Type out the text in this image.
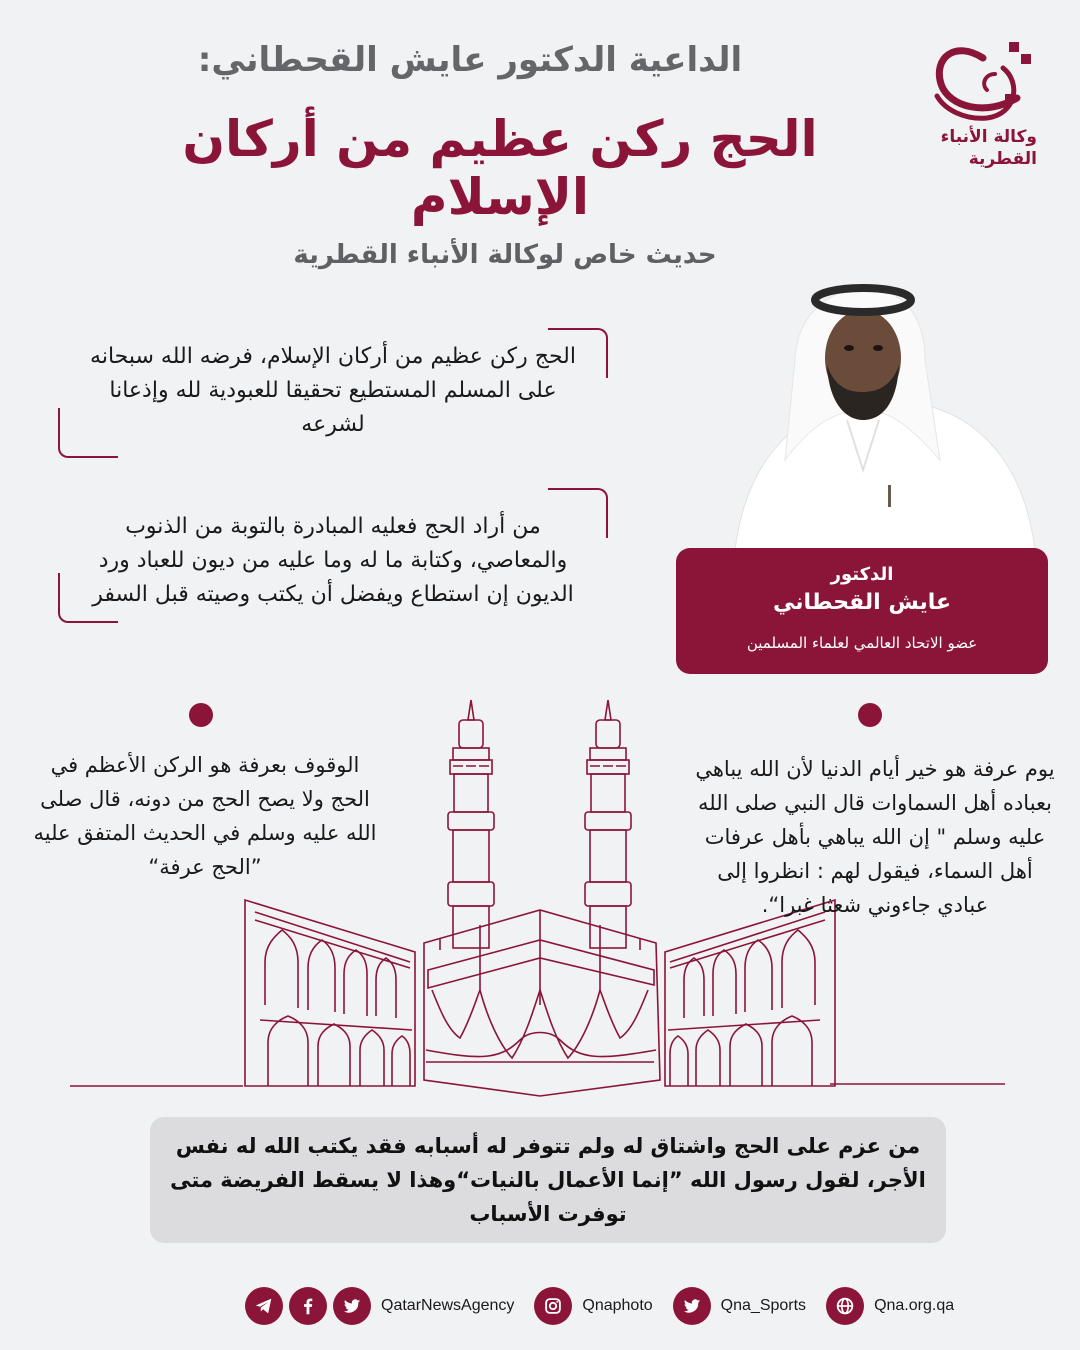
وكالة الأنباء
القطرية
الداعية الدكتور عايش القحطاني:
الحج ركن عظيم من أركان الإسلام
حديث خاص لوكالة الأنباء القطرية

الحج ركن عظيم من أركان الإسلام، فرضه الله سبحانه على المسلم المستطيع تحقيقا للعبودية لله وإذعانا لشرعه

من أراد الحج فعليه المبادرة بالتوبة من الذنوب والمعاصي، وكتابة ما له وما عليه من ديون للعباد ورد الديون إن استطاع ويفضل أن يكتب وصيته قبل السفر

الدكتور
عايش القحطاني
عضو الاتحاد العالمي لعلماء المسلمين
الوقوف بعرفة هو الركن الأعظم في الحج ولا يصح الحج من دونه، قال صلى الله عليه وسلم في الحديث المتفق عليه ”الحج عرفة“
يوم عرفة هو خير أيام الدنيا لأن الله يباهي بعباده أهل السماوات قال النبي صلى الله عليه وسلم " إن الله يباهي بأهل عرفات أهل السماء، فيقول لهم : انظروا إلى عبادي جاءوني شعثا غبرا“.

من عزم على الحج واشتاق له ولم تتوفر له أسبابه فقد يكتب الله له نفس الأجر، لقول رسول الله ”إنما الأعمال بالنيات“وهذا لا يسقط الفريضة متى توفرت الأسباب

QatarNewsAgency	Qnaphoto	Qna_Sports	Qna.org.qa
